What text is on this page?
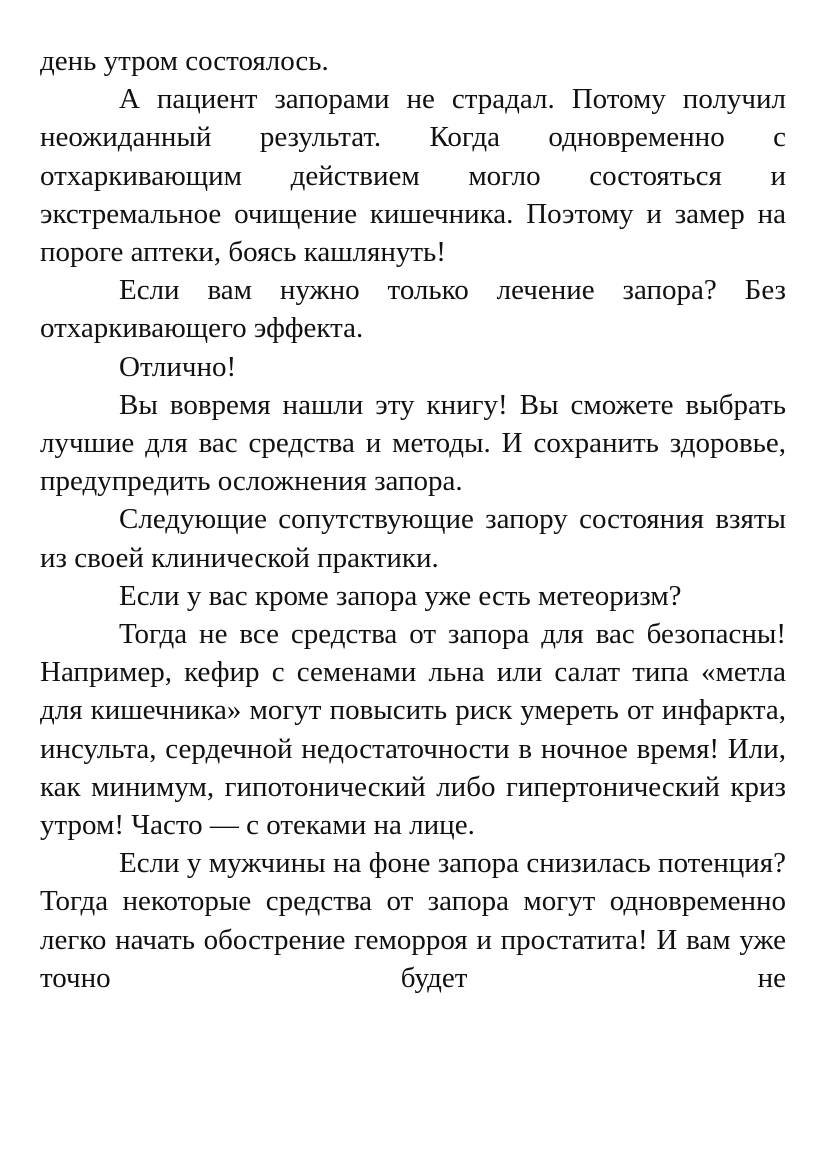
день утром состоялось.

А пациент запорами не страдал. Потому получил неожиданный результат. Когда одновременно с отхаркивающим действием могло состояться и экстремальное очищение кишечника. Поэтому и замер на пороге аптеки, боясь кашлянуть!

Если вам нужно только лечение запора? Без отхаркивающего эффекта.

Отлично!

Вы вовремя нашли эту книгу! Вы сможете выбрать лучшие для вас средства и методы. И сохранить здоровье, предупредить осложнения запора.

Следующие сопутствующие запору состояния взяты из своей клинической практики.

Если у вас кроме запора уже есть метеоризм?

Тогда не все средства от запора для вас безопасны! Например, кефир с семенами льна или салат типа «метла для кишечника» могут повысить риск умереть от инфаркта, инсульта, сердечной недостаточности в ночное время! Или, как минимум, гипотонический либо гипертонический криз утром! Часто — с отеками на лице.

Если у мужчины на фоне запора снизилась потенция? Тогда некоторые средства от запора могут одновременно легко начать обострение геморроя и простатита! И вам уже точно будет не
